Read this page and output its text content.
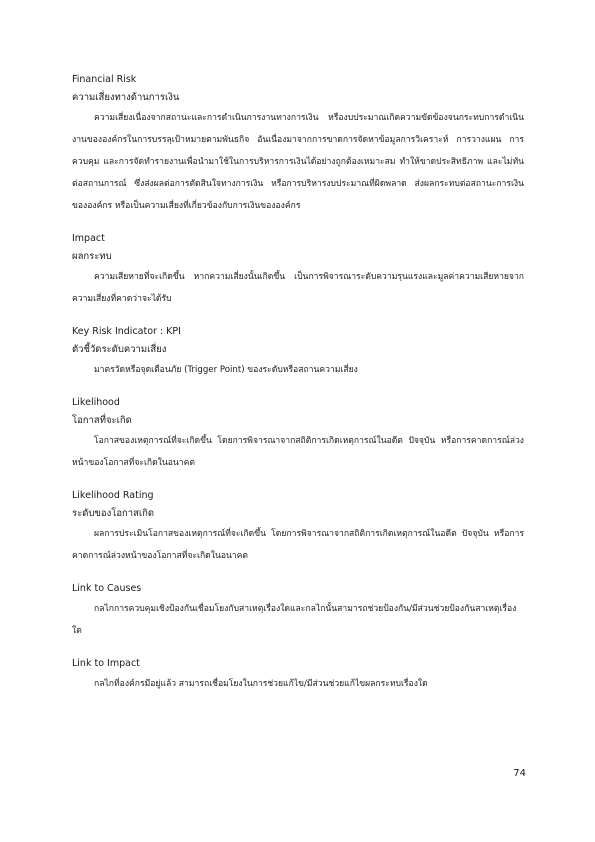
Financial Risk

ความเสี่ยงทางด้านการเงิน

ความเสี่ยงเนื่องจากสถานะและการดำเนินการงานทางการเงิน หรืองบประมาณเกิดความขัดข้องจนกระทบการดำเนินงานขององค์กรในการบรรลุเป้าหมายตามพันธกิจ อันเนื่องมาจากการขาดการจัดหาข้อมูลการวิเคราะห์ การวางแผน การควบคุม และการจัดทำรายงานเพื่อนำมาใช้ในการบริหารการเงินได้อย่างถูกต้องเหมาะสม ทำให้ขาดประสิทธิภาพ และไม่ทันต่อสถานการณ์ ซึ่งส่งผลต่อการตัดสินใจทางการเงิน หรือการบริหารงบประมาณที่ผิดพลาด ส่งผลกระทบต่อสถานะการเงินขององค์กร หรือเป็นความเสี่ยงที่เกี่ยวข้องกับการเงินขององค์กร

Impact

ผลกระทบ

ความเสียหายที่จะเกิดขึ้น หากความเสี่ยงนั้นเกิดขึ้น เป็นการพิจารณาระดับความรุนแรงและมูลค่าความเสียหายจากความเสี่ยงที่คาดว่าจะได้รับ

Key Risk Indicator : KPI

ตัวชี้วัดระดับความเสี่ยง

มาตรวัดหรือจุดเตือนภัย (Trigger Point) ของระดับหรือสถานความเสี่ยง

Likelihood

โอกาสที่จะเกิด

โอกาสของเหตุการณ์ที่จะเกิดขึ้น โดยการพิจารณาจากสถิติการเกิดเหตุการณ์ในอดีต ปัจจุบัน หรือการคาดการณ์ล่วงหน้าของโอกาสที่จะเกิดในอนาคต

Likelihood Rating

ระดับของโอกาสเกิด

ผลการประเมินโอกาสของเหตุการณ์ที่จะเกิดขึ้น โดยการพิจารณาจากสถิติการเกิดเหตุการณ์ในอดีต ปัจจุบัน หรือการคาดการณ์ล่วงหน้าของโอกาสที่จะเกิดในอนาคต

Link to Causes

กลไกการควบคุมเชิงป้องกันเชื่อมโยงกับสาเหตุเรื่องใดและกลไกนั้นสามารถช่วยป้องกัน/มีส่วนช่วยป้องกันสาเหตุเรื่องใด

Link to Impact

กลไกที่องค์กรมีอยู่แล้ว สามารถเชื่อมโยงในการช่วยแก้ไข/มีส่วนช่วยแก้ไขผลกระทบเรื่องใด

74
